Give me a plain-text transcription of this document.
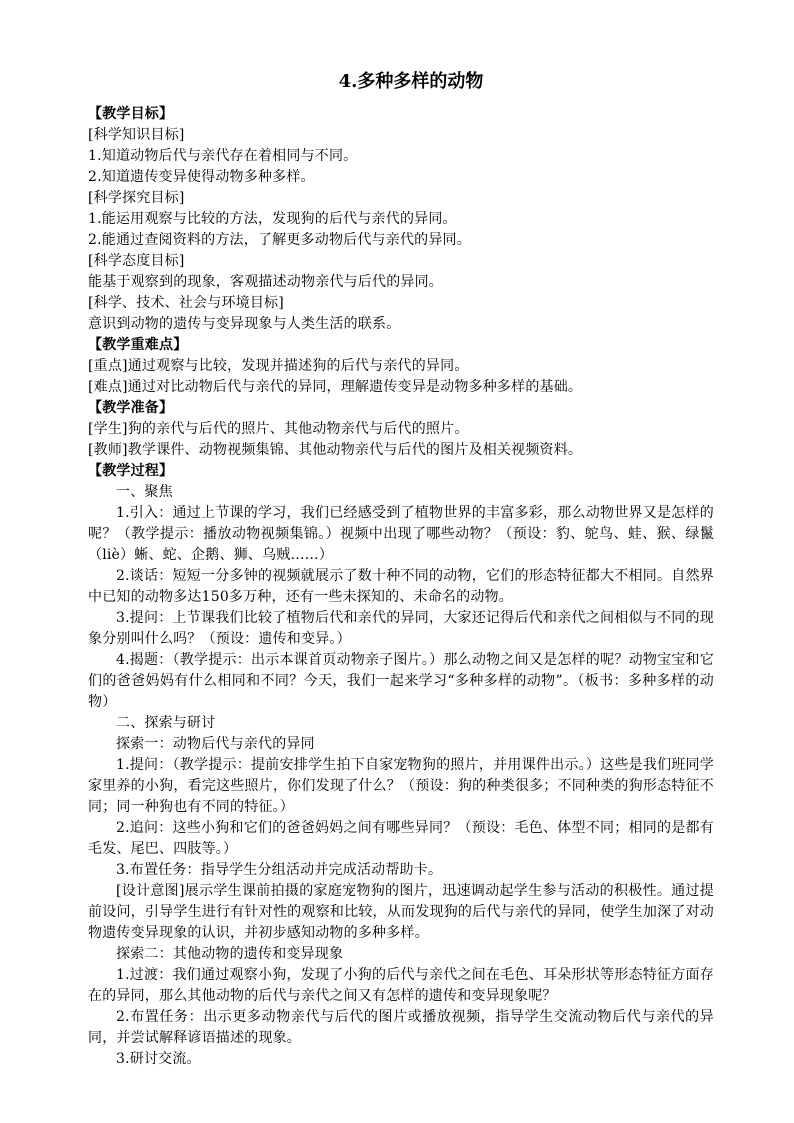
4.多种多样的动物

【教学目标】

[科学知识目标]

1.知道动物后代与亲代存在着相同与不同。

2.知道遗传变异使得动物多种多样。

[科学探究目标]

1.能运用观察与比较的方法，发现狗的后代与亲代的异同。

2.能通过查阅资料的方法，了解更多动物后代与亲代的异同。

[科学态度目标]

能基于观察到的现象，客观描述动物亲代与后代的异同。

[科学、技术、社会与环境目标]

意识到动物的遗传与变异现象与人类生活的联系。

【教学重难点】

[重点]通过观察与比较，发现并描述狗的后代与亲代的异同。

[难点]通过对比动物后代与亲代的异同，理解遗传变异是动物多种多样的基础。

【教学准备】

[学生]狗的亲代与后代的照片、其他动物亲代与后代的照片。

[教师]教学课件、动物视频集锦、其他动物亲代与后代的图片及相关视频资料。

【教学过程】

一、聚焦

1.引入：通过上节课的学习，我们已经感受到了植物世界的丰富多彩，那么动物世界又是怎样的呢？（教学提示：播放动物视频集锦。）视频中出现了哪些动物？（预设：豹、鸵鸟、蛙、猴、绿鬣（liè）蜥、蛇、企鹅、狮、乌贼……）

2.谈话：短短一分多钟的视频就展示了数十种不同的动物，它们的形态特征都大不相同。自然界中已知的动物多达150多万种，还有一些未探知的、未命名的动物。

3.提问：上节课我们比较了植物后代和亲代的异同，大家还记得后代和亲代之间相似与不同的现象分别叫什么吗？（预设：遗传和变异。）

4.揭题：（教学提示：出示本课首页动物亲子图片。）那么动物之间又是怎样的呢？动物宝宝和它们的爸爸妈妈有什么相同和不同？今天，我们一起来学习“多种多样的动物”。（板书：多种多样的动物）

二、探索与研讨

探索一：动物后代与亲代的异同

1.提问：（教学提示：提前安排学生拍下自家宠物狗的照片，并用课件出示。）这些是我们班同学家里养的小狗，看完这些照片，你们发现了什么？（预设：狗的种类很多；不同种类的狗形态特征不同；同一种狗也有不同的特征。）

2.追问：这些小狗和它们的爸爸妈妈之间有哪些异同？（预设：毛色、体型不同；相同的是都有毛发、尾巴、四肢等。）

3.布置任务：指导学生分组活动并完成活动帮助卡。

[设计意图]展示学生课前拍摄的家庭宠物狗的图片，迅速调动起学生参与活动的积极性。通过提前设问，引导学生进行有针对性的观察和比较，从而发现狗的后代与亲代的异同，使学生加深了对动物遗传变异现象的认识，并初步感知动物的多种多样。

探索二：其他动物的遗传和变异现象

1.过渡：我们通过观察小狗，发现了小狗的后代与亲代之间在毛色、耳朵形状等形态特征方面存在的异同，那么其他动物的后代与亲代之间又有怎样的遗传和变异现象呢？

2.布置任务：出示更多动物亲代与后代的图片或播放视频，指导学生交流动物后代与亲代的异同，并尝试解释谚语描述的现象。

3.研讨交流。
